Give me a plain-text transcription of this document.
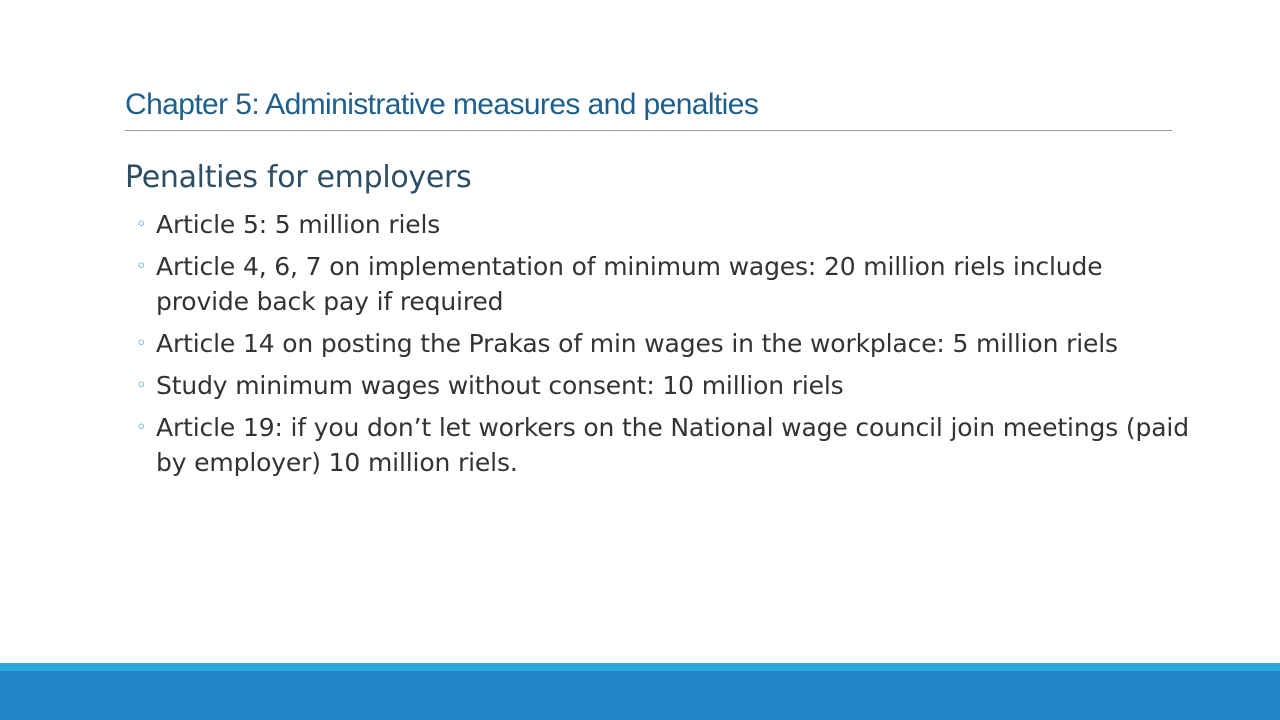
Chapter 5: Administrative measures and penalties
Penalties for employers
◦ Article 5: 5 million riels
◦ Article 4, 6, 7 on implementation of minimum wages: 20 million riels include provide back pay if required
◦ Article 14 on posting the Prakas of min wages in the workplace: 5 million riels
◦ Study minimum wages without consent: 10 million riels
◦ Article 19: if you don’t let workers on the National wage council join meetings (paid by employer) 10 million riels.
